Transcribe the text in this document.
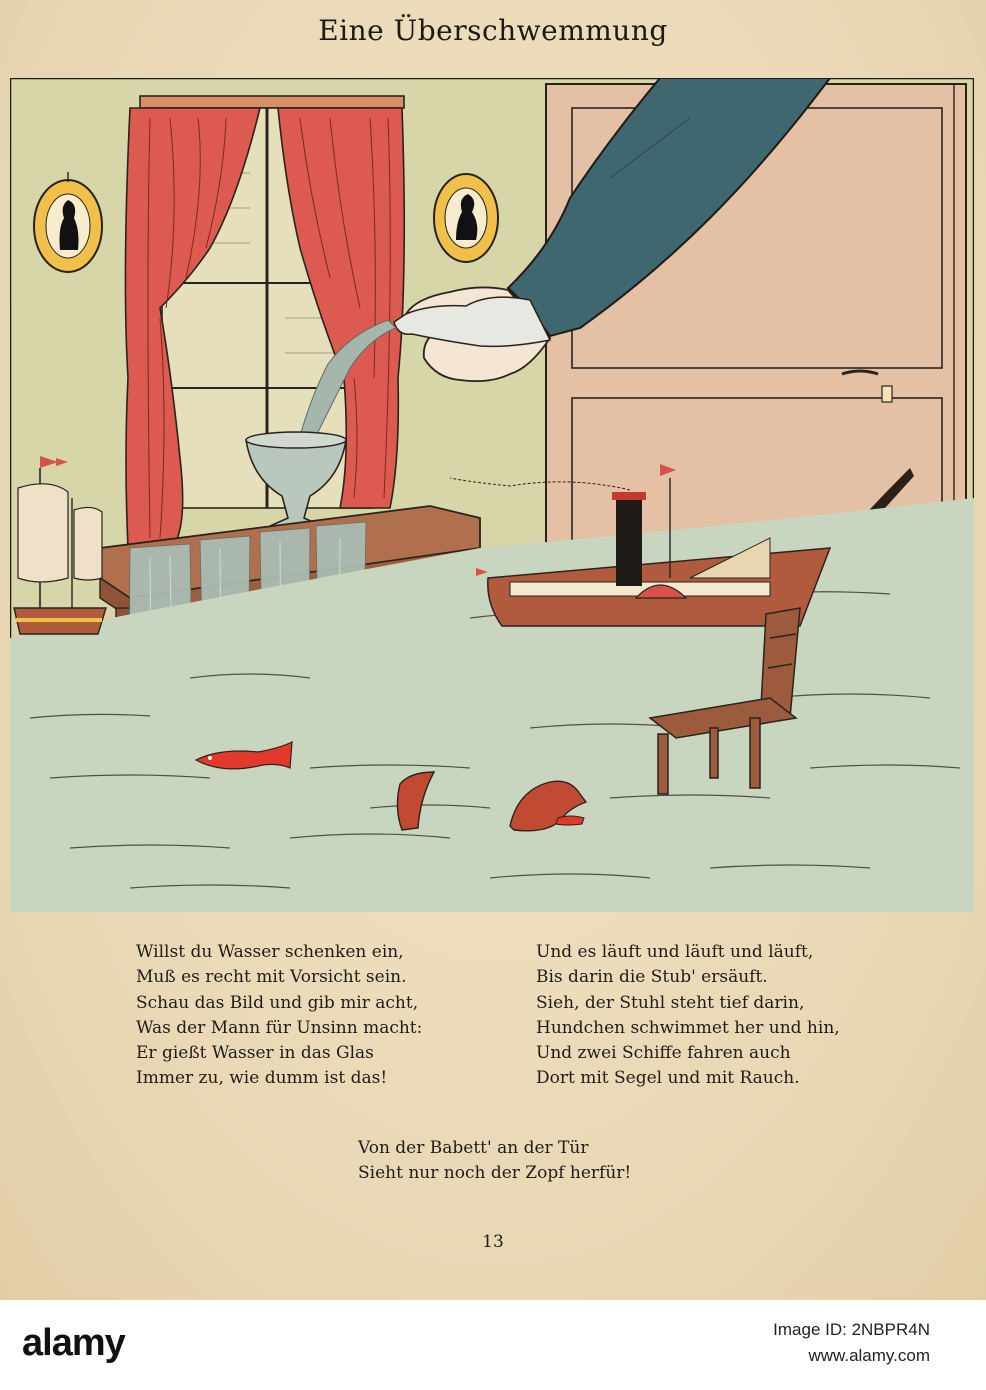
Eine Überschwemmung
Willst du Wasser schenken ein,
Muß es recht mit Vorsicht sein.
Schau das Bild und gib mir acht,
Was der Mann für Unsinn macht:
Er gießt Wasser in das Glas
Immer zu, wie dumm ist das!
Und es läuft und läuft und läuft,
Bis darin die Stub' ersäuft.
Sieh, der Stuhl steht tief darin,
Hundchen schwimmet her und hin,
Und zwei Schiffe fahren auch
Dort mit Segel und mit Rauch.
Von der Babett' an der Tür
Sieht nur noch der Zopf herfür!
13
alamy	Image ID: 2NBPR4N
www.alamy.com
